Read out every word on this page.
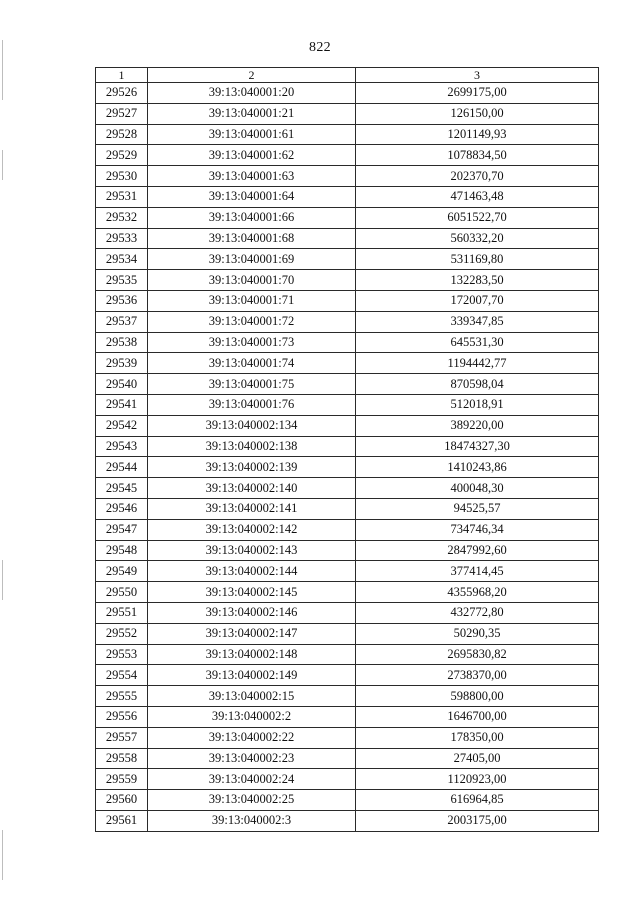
822
1	2	3
29526	39:13:040001:20	2699175,00
29527	39:13:040001:21	126150,00
29528	39:13:040001:61	1201149,93
29529	39:13:040001:62	1078834,50
29530	39:13:040001:63	202370,70
29531	39:13:040001:64	471463,48
29532	39:13:040001:66	6051522,70
29533	39:13:040001:68	560332,20
29534	39:13:040001:69	531169,80
29535	39:13:040001:70	132283,50
29536	39:13:040001:71	172007,70
29537	39:13:040001:72	339347,85
29538	39:13:040001:73	645531,30
29539	39:13:040001:74	1194442,77
29540	39:13:040001:75	870598,04
29541	39:13:040001:76	512018,91
29542	39:13:040002:134	389220,00
29543	39:13:040002:138	18474327,30
29544	39:13:040002:139	1410243,86
29545	39:13:040002:140	400048,30
29546	39:13:040002:141	94525,57
29547	39:13:040002:142	734746,34
29548	39:13:040002:143	2847992,60
29549	39:13:040002:144	377414,45
29550	39:13:040002:145	4355968,20
29551	39:13:040002:146	432772,80
29552	39:13:040002:147	50290,35
29553	39:13:040002:148	2695830,82
29554	39:13:040002:149	2738370,00
29555	39:13:040002:15	598800,00
29556	39:13:040002:2	1646700,00
29557	39:13:040002:22	178350,00
29558	39:13:040002:23	27405,00
29559	39:13:040002:24	1120923,00
29560	39:13:040002:25	616964,85
29561	39:13:040002:3	2003175,00
